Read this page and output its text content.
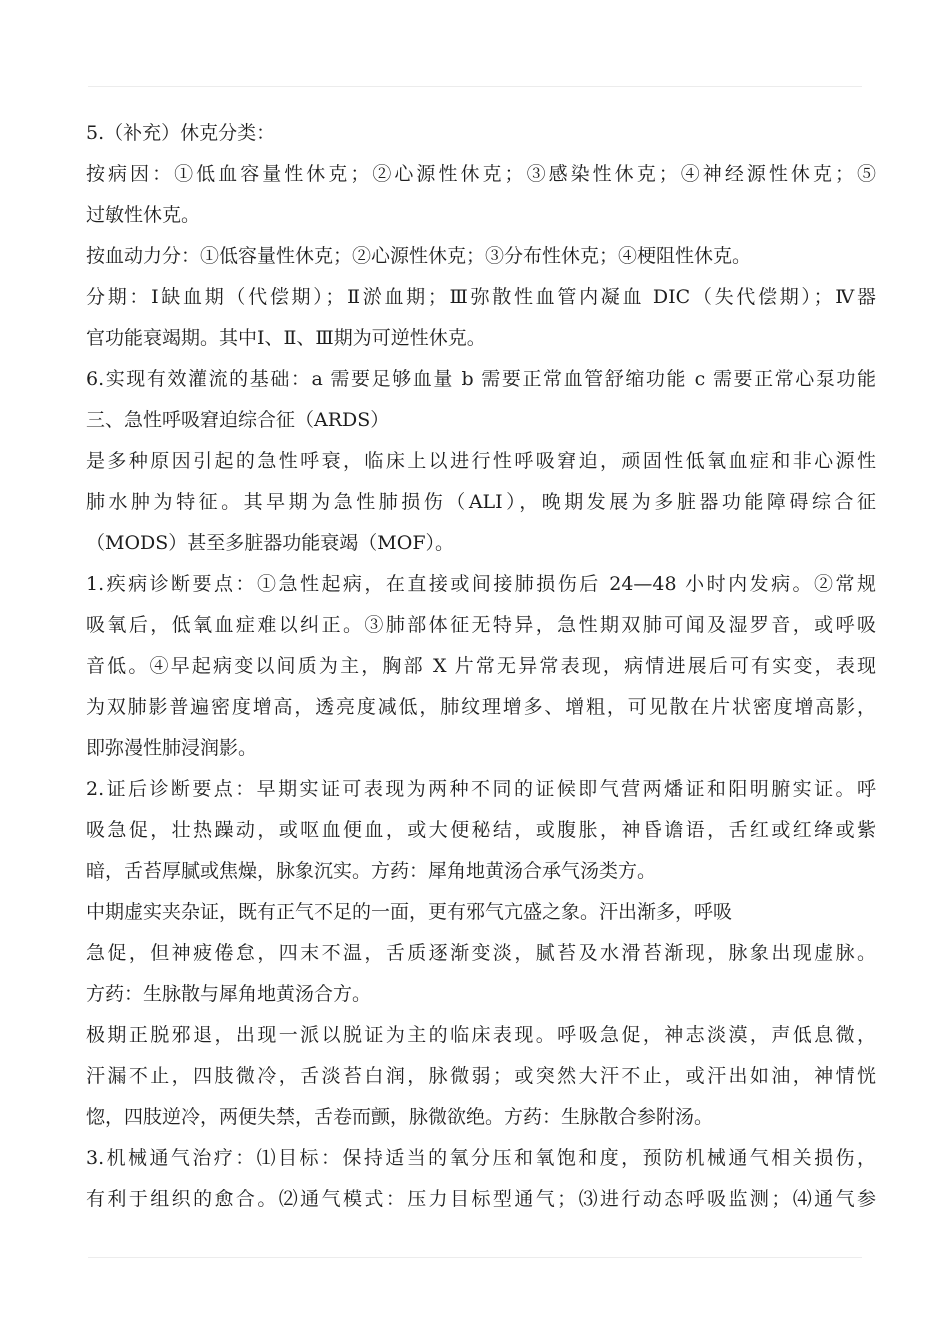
5.（补充）休克分类：
按病因：①低血容量性休克；②心源性休克；③感染性休克；④神经源性休克；⑤
过敏性休克。
按血动力分：①低容量性休克；②心源性休克；③分布性休克；④梗阻性休克。
分期：Ⅰ缺血期（代偿期）；Ⅱ淤血期；Ⅲ弥散性血管内凝血 DIC（失代偿期）；Ⅳ器
官功能衰竭期。其中Ⅰ、Ⅱ、Ⅲ期为可逆性休克。
6.实现有效灌流的基础：a 需要足够血量 b 需要正常血管舒缩功能 c 需要正常心泵功能
三、急性呼吸窘迫综合征（ARDS）
是多种原因引起的急性呼衰，临床上以进行性呼吸窘迫，顽固性低氧血症和非心源性
肺水肿为特征。其早期为急性肺损伤（ALI），晚期发展为多脏器功能障碍综合征
（MODS）甚至多脏器功能衰竭（MOF）。
1.疾病诊断要点：①急性起病，在直接或间接肺损伤后 24—48 小时内发病。②常规
吸氧后，低氧血症难以纠正。③肺部体征无特异，急性期双肺可闻及湿罗音，或呼吸
音低。④早起病变以间质为主，胸部 X 片常无异常表现，病情进展后可有实变，表现
为双肺影普遍密度增高，透亮度减低，肺纹理增多、增粗，可见散在片状密度增高影，
即弥漫性肺浸润影。
2.证后诊断要点：早期实证可表现为两种不同的证候即气营两燔证和阳明腑实证。呼
吸急促，壮热躁动，或呕血便血，或大便秘结，或腹胀，神昏谵语，舌红或红绛或紫
暗，舌苔厚腻或焦燥，脉象沉实。方药：犀角地黄汤合承气汤类方。
中期虚实夹杂证，既有正气不足的一面，更有邪气亢盛之象。汗出渐多，呼吸
急促，但神疲倦怠，四末不温，舌质逐渐变淡，腻苔及水滑苔渐现，脉象出现虚脉。
方药：生脉散与犀角地黄汤合方。
极期正脱邪退，出现一派以脱证为主的临床表现。呼吸急促，神志淡漠，声低息微，
汗漏不止，四肢微冷，舌淡苔白润，脉微弱；或突然大汗不止，或汗出如油，神情恍
惚，四肢逆冷，两便失禁，舌卷而颤，脉微欲绝。方药：生脉散合参附汤。
3.机械通气治疗：⑴目标：保持适当的氧分压和氧饱和度，预防机械通气相关损伤，
有利于组织的愈合。⑵通气模式：压力目标型通气；⑶进行动态呼吸监测；⑷通气参
